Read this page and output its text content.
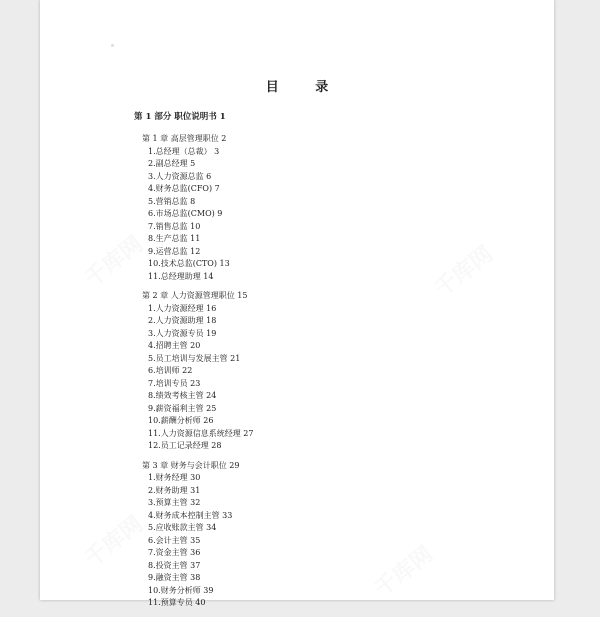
千库网	千库网
千库网	千库网
目 录
第 1 部分 职位说明书 1
第 1 章 高层管理职位 2
1.总经理（总裁） 3
2.副总经理 5
3.人力资源总监 6
4.财务总监(CFO) 7
5.营销总监 8
6.市场总监(CMO) 9
7.销售总监 10
8.生产总监 11
9.运营总监 12
10.技术总监(CTO) 13
11.总经理助理 14
第 2 章 人力资源管理职位 15
1.人力资源经理 16
2.人力资源助理 18
3.人力资源专员 19
4.招聘主管 20
5.员工培训与发展主管 21
6.培训师 22
7.培训专员 23
8.绩效考核主管 24
9.薪资福利主管 25
10.薪酬分析师 26
11.人力资源信息系统经理 27
12.员工记录经理 28
第 3 章 财务与会计职位 29
1.财务经理 30
2.财务助理 31
3.预算主管 32
4.财务成本控制主管 33
5.应收账款主管 34
6.会计主管 35
7.资金主管 36
8.投资主管 37
9.融资主管 38
10.财务分析师 39
11.预算专员 40
